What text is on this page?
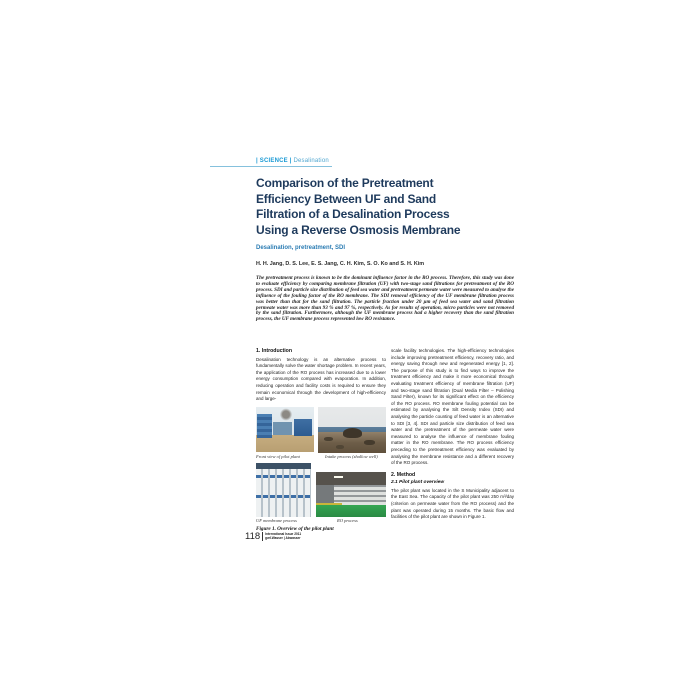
| SCIENCE | Desalination
Comparison of the Pretreatment
Efficiency Between UF and Sand
Filtration of a Desalination Process
Using a Reverse Osmosis Membrane
Desalination, pretreatment, SDI
H. H. Jang, D. S. Lee, E. S. Jang, C. H. Kim, S. O. Ko and S. H. Kim
The pretreatment process is known to be the dominant influence factor in the RO process. Therefore, this study was done to evaluate efficiency by comparing membrane filtration (UF) with two-stage sand filtrations for pretreatment of the RO process. SDI and particle size distribution of feed sea water and pretreatment permeate water were measured to analyse the influence of the fouling factor of the RO membrane. The SDI removal efficiency of the UF membrane filtration process was better than that for the sand filtration. The particle fraction under 20 μm of feed sea water and sand filtration permeate water was more than 93 % and 97 %, respectively. As for results of operation, micro particles were not removed by the sand filtration. Furthermore, although the UF membrane process had a higher recovery than the sand filtration process, the UF membrane process represented low RO resistance.
1. Introduction
Desalination technology is an alternative process to fundamentally solve the water shortage problem. In recent years, the application of the RO process has increased due to a lower energy consumption compared with evaporation. In addition, reducing operation and facility costs is required to ensure they remain economical through the development of high-efficiency and large-
scale facility technologies. The high-efficiency technologies include improving pretreatment efficiency, recovery ratio, and energy saving through new and regenerated energy [1, 2]. The purpose of this study is to find ways to improve the treatment efficiency and make it more economical through evaluating treatment efficiency of membrane filtration (UF) and two-stage sand filtration (Dual Media Filter – Polishing Sand Filter), known for its significant effect on the efficiency of the RO process. RO membrane fouling potential can be estimated by analysing the Silt Density Index (SDI) and analysing the particle counting of feed water is an alternative to SDI [3, 4]. SDI and particle size distribution of feed sea water and the pretreatment of the permeate water were measured to analyse the influence of membrane fouling matter in the RO membrane. The RO process efficiency preceding to the pretreatment efficiency was evaluated by analysing the membrane resistance and a different recovery of the RO process.
2. Method
2.1 Pilot plant overview
The pilot plant was located in the S Municipality adjacent to the East Sea. The capacity of the pilot plant was 250 m³/day (criterion on permeate water from the RO process) and the plant was operated during 15 months. The basic flow and facilities of the pilot plant are shown in Figure 1.
Front view of pilot plant	Intake process (shallow well)
UF membrane process	RO process
Figure 1. Overview of the pilot plant
118 International Issue 2011
gwf-Wasser | Abwasser
